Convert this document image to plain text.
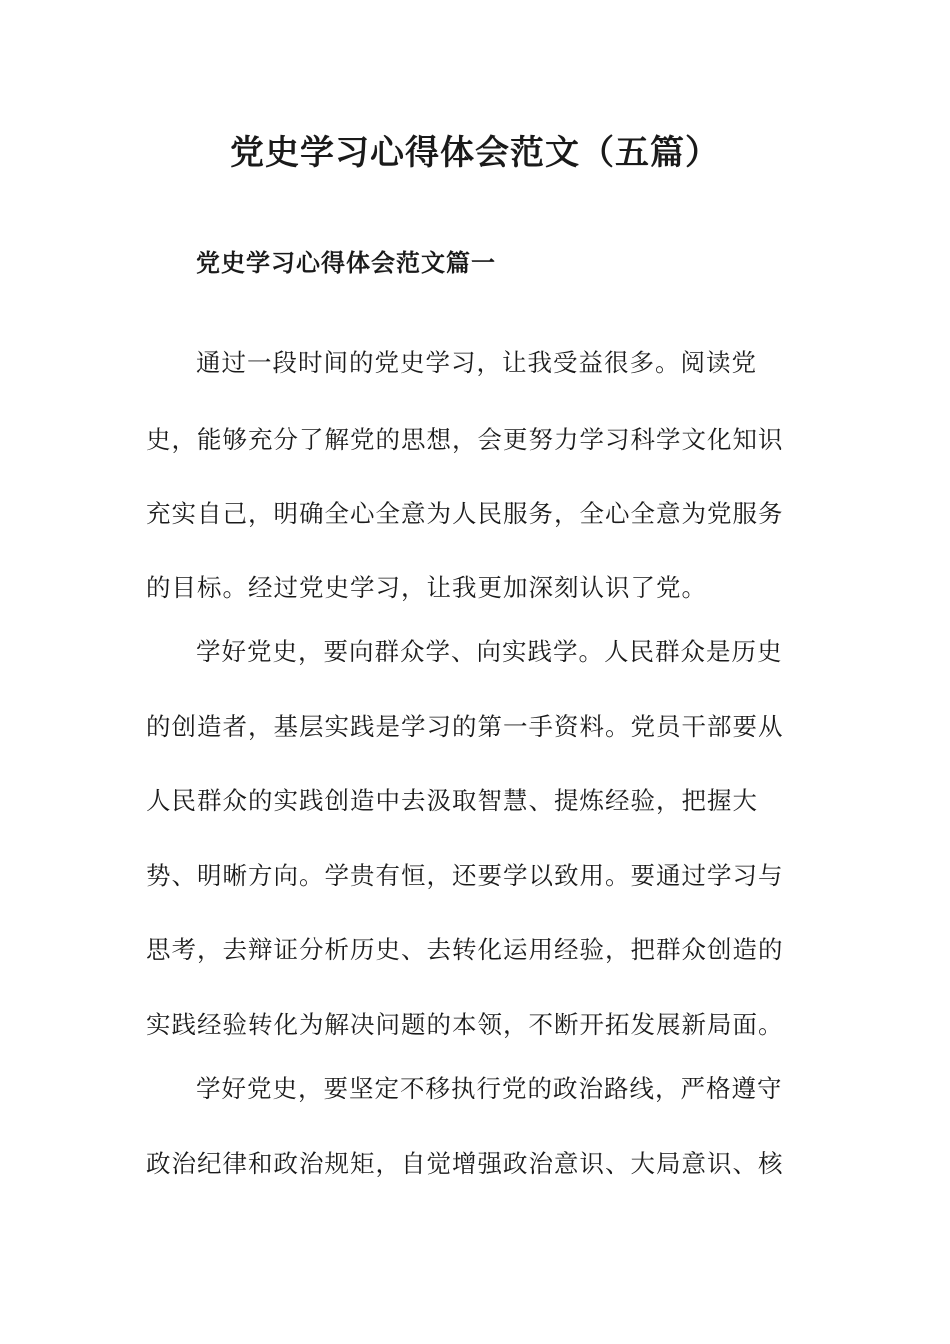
党史学习心得体会范文（五篇）
党史学习心得体会范文篇一
通过一段时间的党史学习，让我受益很多。阅读党
史，能够充分了解党的思想，会更努力学习科学文化知识
充实自己，明确全心全意为人民服务，全心全意为党服务
的目标。经过党史学习，让我更加深刻认识了党。
学好党史，要向群众学、向实践学。人民群众是历史
的创造者，基层实践是学习的第一手资料。党员干部要从
人民群众的实践创造中去汲取智慧、提炼经验，把握大
势、明晰方向。学贵有恒，还要学以致用。要通过学习与
思考，去辩证分析历史、去转化运用经验，把群众创造的
实践经验转化为解决问题的本领，不断开拓发展新局面。
学好党史，要坚定不移执行党的政治路线，严格遵守
政治纪律和政治规矩，自觉增强政治意识、大局意识、核
